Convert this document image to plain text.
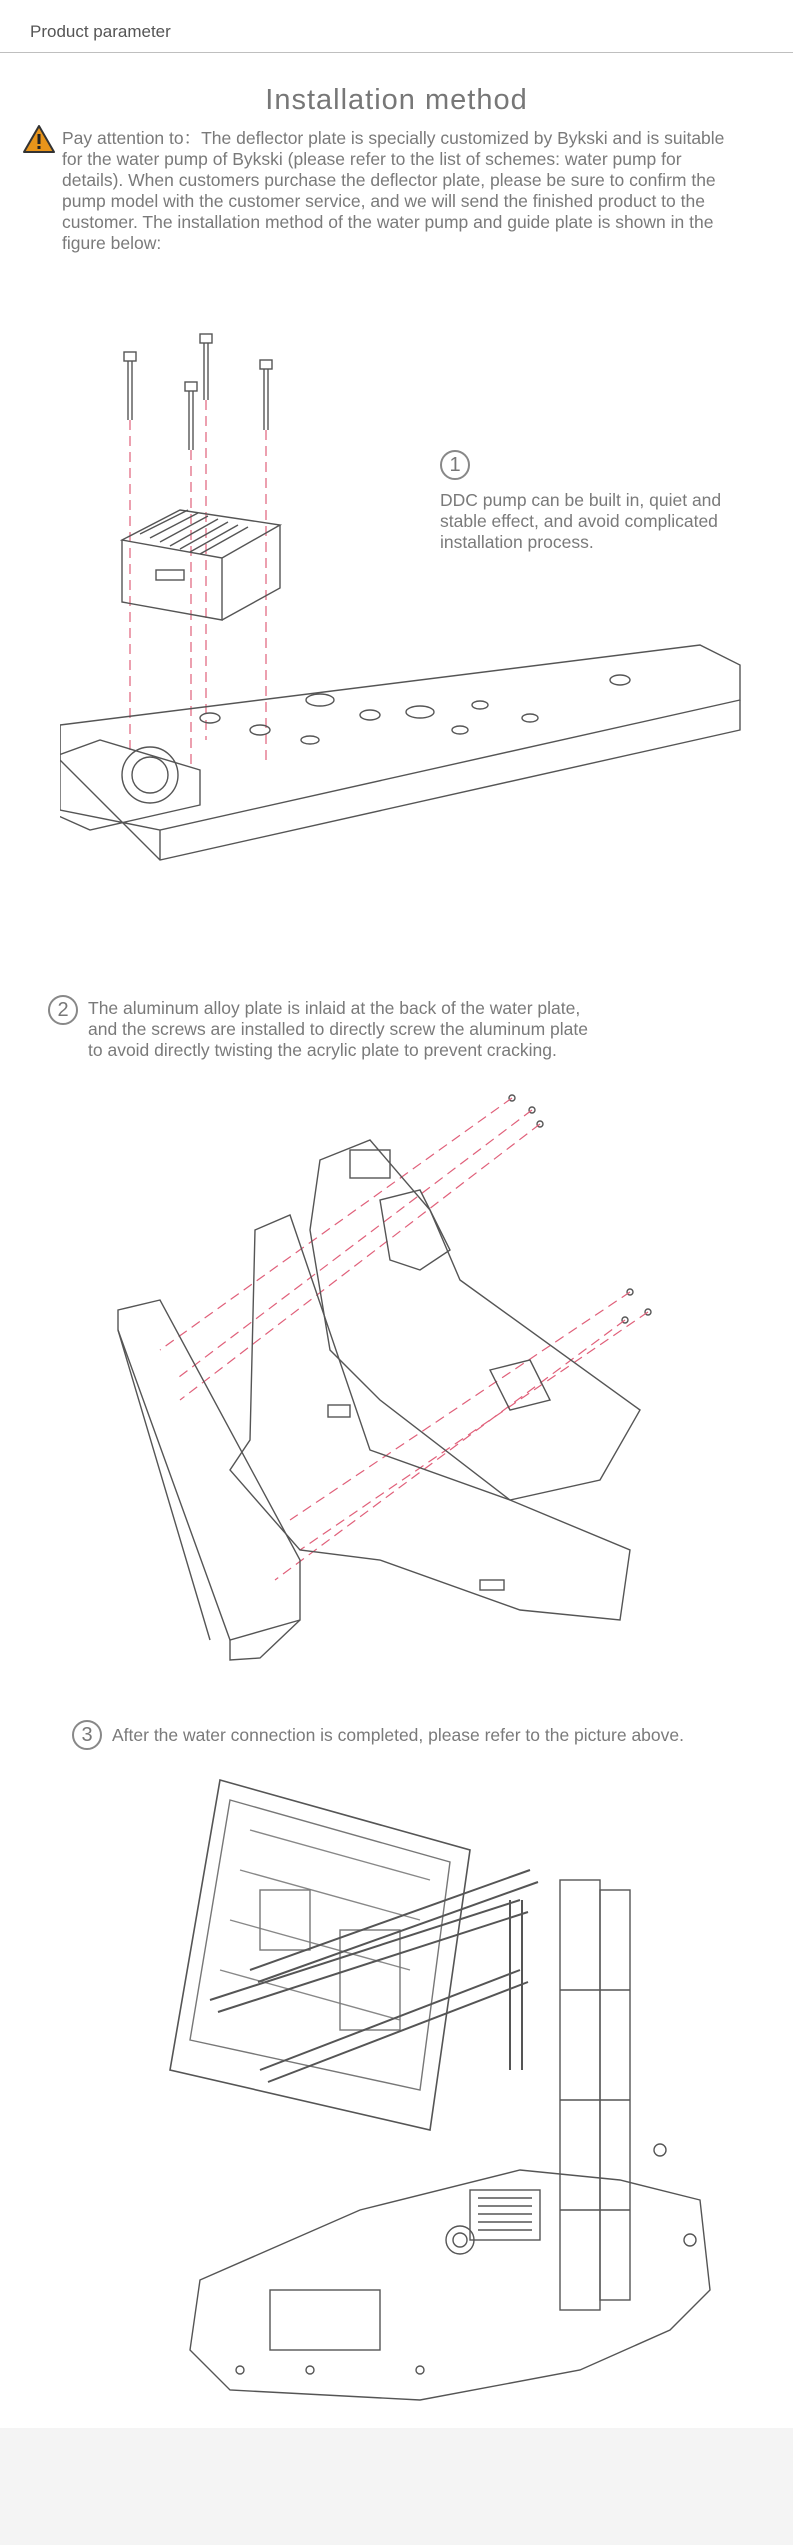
Product parameter
Installation method
Pay attention to：The deflector plate is specially customized by Bykski and is suitable
for the water pump of Bykski (please refer to the list of schemes: water pump for
details). When customers purchase the deflector plate, please be sure to confirm the
pump model with the customer service, and we will send the finished product to the
customer. The installation method of the water pump and guide plate is shown in the
figure below:
1
DDC pump can be built in, quiet and
stable effect, and avoid complicated
installation process.
2	The aluminum alloy plate is inlaid at the back of the water plate,
and the screws are installed to directly screw the aluminum plate
to avoid directly twisting the acrylic plate to prevent cracking.
3	After the water connection is completed, please refer to the picture above.
